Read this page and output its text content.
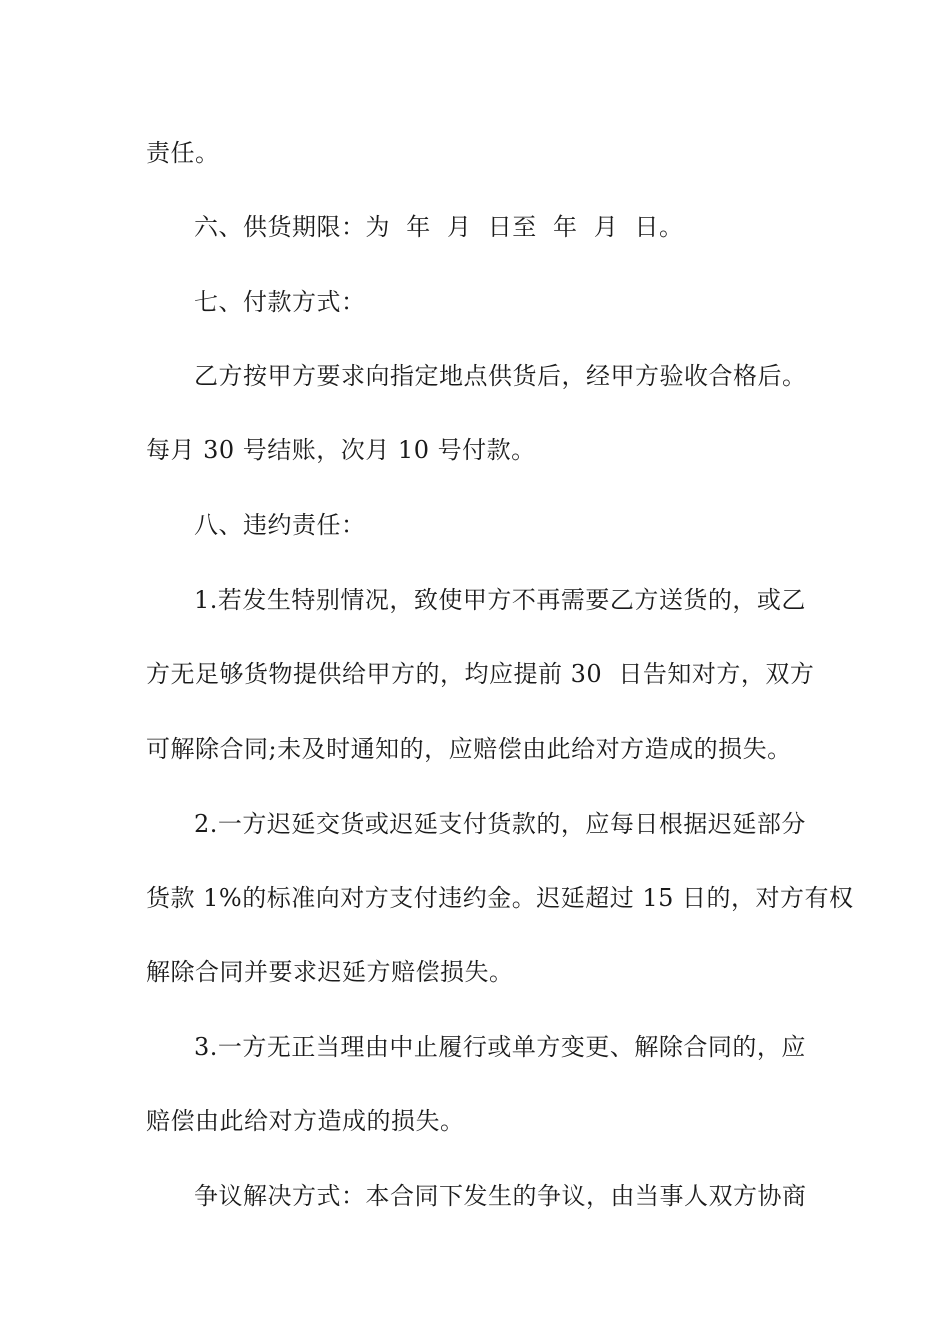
责任。
六、供货期限：为  年  月  日至  年  月  日。
七、付款方式：
乙方按甲方要求向指定地点供货后，经甲方验收合格后。
每月 30 号结账，次月 10 号付款。
八、违约责任：
1.若发生特别情况，致使甲方不再需要乙方送货的，或乙
方无足够货物提供给甲方的，均应提前 30  日告知对方，双方
可解除合同;未及时通知的，应赔偿由此给对方造成的损失。
2.一方迟延交货或迟延支付货款的，应每日根据迟延部分
货款 1%的标准向对方支付违约金。迟延超过 15 日的，对方有权
解除合同并要求迟延方赔偿损失。
3.一方无正当理由中止履行或单方变更、解除合同的，应
赔偿由此给对方造成的损失。
争议解决方式：本合同下发生的争议，由当事人双方协商
